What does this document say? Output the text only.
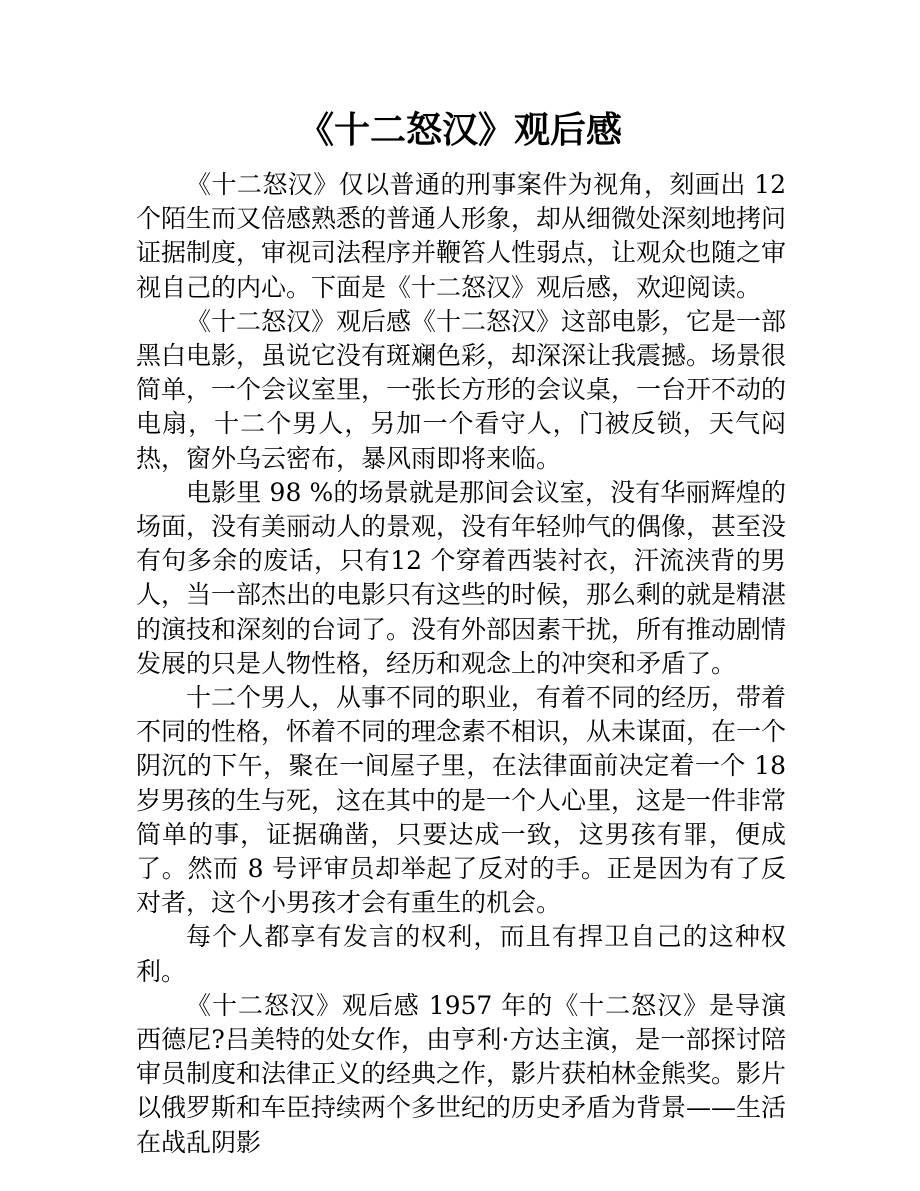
《十二怒汉》观后感

《十二怒汉》仅以普通的刑事案件为视角，刻画出 12 个陌生而又倍感熟悉的普通人形象，却从细微处深刻地拷问证据制度，审视司法程序并鞭笞人性弱点，让观众也随之审视自己的内心。下面是《十二怒汉》观后感，欢迎阅读。

《十二怒汉》观后感《十二怒汉》这部电影，它是一部黑白电影，虽说它没有斑斓色彩，却深深让我震撼。场景很简单，一个会议室里，一张长方形的会议桌，一台开不动的电扇，十二个男人，另加一个看守人，门被反锁，天气闷热，窗外乌云密布，暴风雨即将来临。

电影里 98 %的场景就是那间会议室，没有华丽辉煌的场面，没有美丽动人的景观，没有年轻帅气的偶像，甚至没有句多余的废话，只有12 个穿着西装衬衣，汗流浃背的男人，当一部杰出的电影只有这些的时候，那么剩的就是精湛的演技和深刻的台词了。没有外部因素干扰，所有推动剧情发展的只是人物性格，经历和观念上的冲突和矛盾了。

十二个男人，从事不同的职业，有着不同的经历，带着不同的性格，怀着不同的理念素不相识，从未谋面，在一个阴沉的下午，聚在一间屋子里，在法律面前决定着一个 18 岁男孩的生与死，这在其中的是一个人心里，这是一件非常简单的事，证据确凿，只要达成一致，这男孩有罪，便成了。然而 8 号评审员却举起了反对的手。正是因为有了反对者，这个小男孩才会有重生的机会。

每个人都享有发言的权利，而且有捍卫自己的这种权利。

《十二怒汉》观后感 1957 年的《十二怒汉》是导演西德尼?吕美特的处女作，由亨利·方达主演，是一部探讨陪审员制度和法律正义的经典之作，影片获柏林金熊奖。影片以俄罗斯和车臣持续两个多世纪的历史矛盾为背景——生活在战乱阴影
